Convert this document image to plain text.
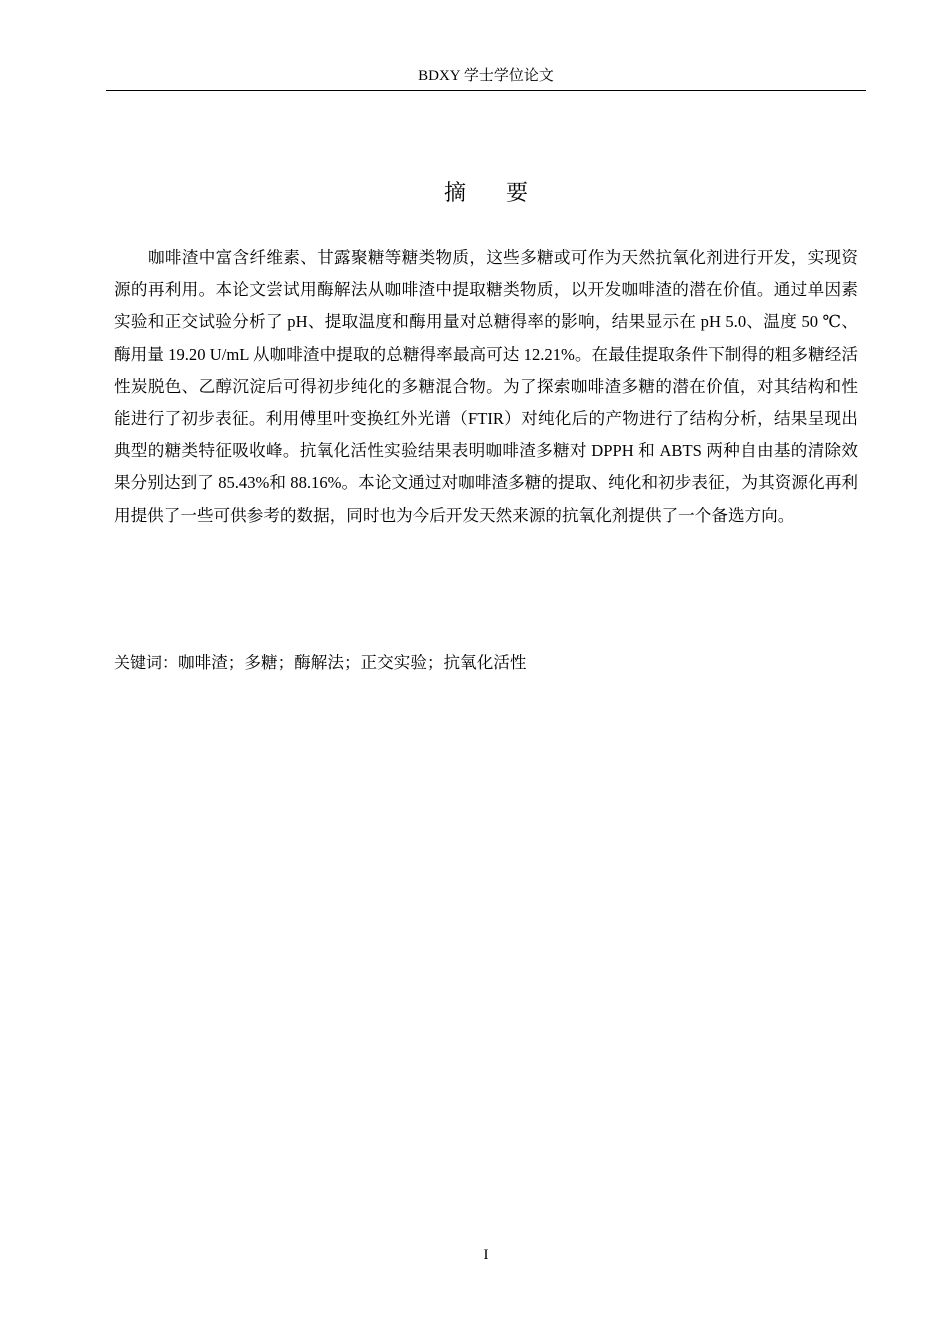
BDXY 学士学位论文
摘要

咖啡渣中富含纤维素、甘露聚糖等糖类物质，这些多糖或可作为天然抗氧化剂进行开发，实现资源的再利用。本论文尝试用酶解法从咖啡渣中提取糖类物质，以开发咖啡渣的潜在价值。通过单因素实验和正交试验分析了 pH、提取温度和酶用量对总糖得率的影响，结果显示在 pH 5.0、温度 50 ℃、酶用量 19.20 U/mL 从咖啡渣中提取的总糖得率最高可达 12.21%。在最佳提取条件下制得的粗多糖经活性炭脱色、乙醇沉淀后可得初步纯化的多糖混合物。为了探索咖啡渣多糖的潜在价值，对其结构和性能进行了初步表征。利用傅里叶变换红外光谱（FTIR）对纯化后的产物进行了结构分析，结果呈现出典型的糖类特征吸收峰。抗氧化活性实验结果表明咖啡渣多糖对 DPPH 和 ABTS 两种自由基的清除效果分别达到了 85.43%和 88.16%。本论文通过对咖啡渣多糖的提取、纯化和初步表征，为其资源化再利用提供了一些可供参考的数据，同时也为今后开发天然来源的抗氧化剂提供了一个备选方向。

关键词：咖啡渣；多糖；酶解法；正交实验；抗氧化活性
I
